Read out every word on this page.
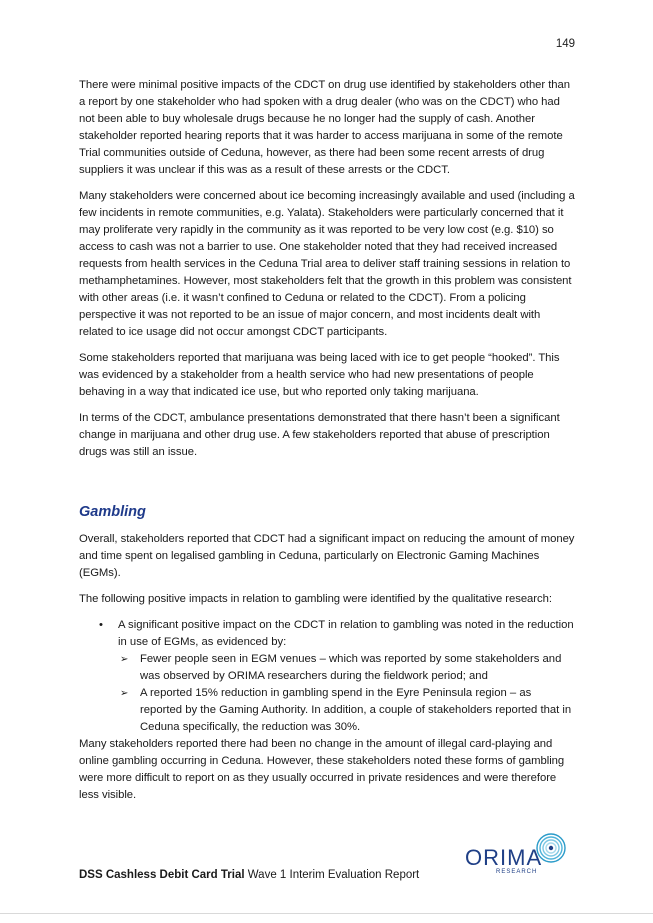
149

There were minimal positive impacts of the CDCT on drug use identified by stakeholders other than a report by one stakeholder who had spoken with a drug dealer (who was on the CDCT) who had not been able to buy wholesale drugs because he no longer had the supply of cash. Another stakeholder reported hearing reports that it was harder to access marijuana in some of the remote Trial communities outside of Ceduna, however, as there had been some recent arrests of drug suppliers it was unclear if this was as a result of these arrests or the CDCT.

Many stakeholders were concerned about ice becoming increasingly available and used (including a few incidents in remote communities, e.g. Yalata). Stakeholders were particularly concerned that it may proliferate very rapidly in the community as it was reported to be very low cost (e.g. $10) so access to cash was not a barrier to use. One stakeholder noted that they had received increased requests from health services in the Ceduna Trial area to deliver staff training sessions in relation to methamphetamines. However, most stakeholders felt that the growth in this problem was consistent with other areas (i.e. it wasn’t confined to Ceduna or related to the CDCT). From a policing perspective it was not reported to be an issue of major concern, and most incidents dealt with related to ice usage did not occur amongst CDCT participants.

Some stakeholders reported that marijuana was being laced with ice to get people “hooked”. This was evidenced by a stakeholder from a health service who had new presentations of people behaving in a way that indicated ice use, but who reported only taking marijuana.

In terms of the CDCT, ambulance presentations demonstrated that there hasn’t been a significant change in marijuana and other drug use. A few stakeholders reported that abuse of prescription drugs was still an issue.

Gambling

Overall, stakeholders reported that CDCT had a significant impact on reducing the amount of money and time spent on legalised gambling in Ceduna, particularly on Electronic Gaming Machines (EGMs).

The following positive impacts in relation to gambling were identified by the qualitative research:

• A significant positive impact on the CDCT in relation to gambling was noted in the reduction in use of EGMs, as evidenced by:
➢ Fewer people seen in EGM venues – which was reported by some stakeholders and was observed by ORIMA researchers during the fieldwork period; and
➢ A reported 15% reduction in gambling spend in the Eyre Peninsula region – as reported by the Gaming Authority. In addition, a couple of stakeholders reported that in Ceduna specifically, the reduction was 30%.

Many stakeholders reported there had been no change in the amount of illegal card-playing and online gambling occurring in Ceduna. However, these stakeholders noted these forms of gambling were more difficult to report on as they usually occurred in private residences and were therefore less visible.

DSS Cashless Debit Card Trial Wave 1 Interim Evaluation Report
ORIMA
RESEARCH
